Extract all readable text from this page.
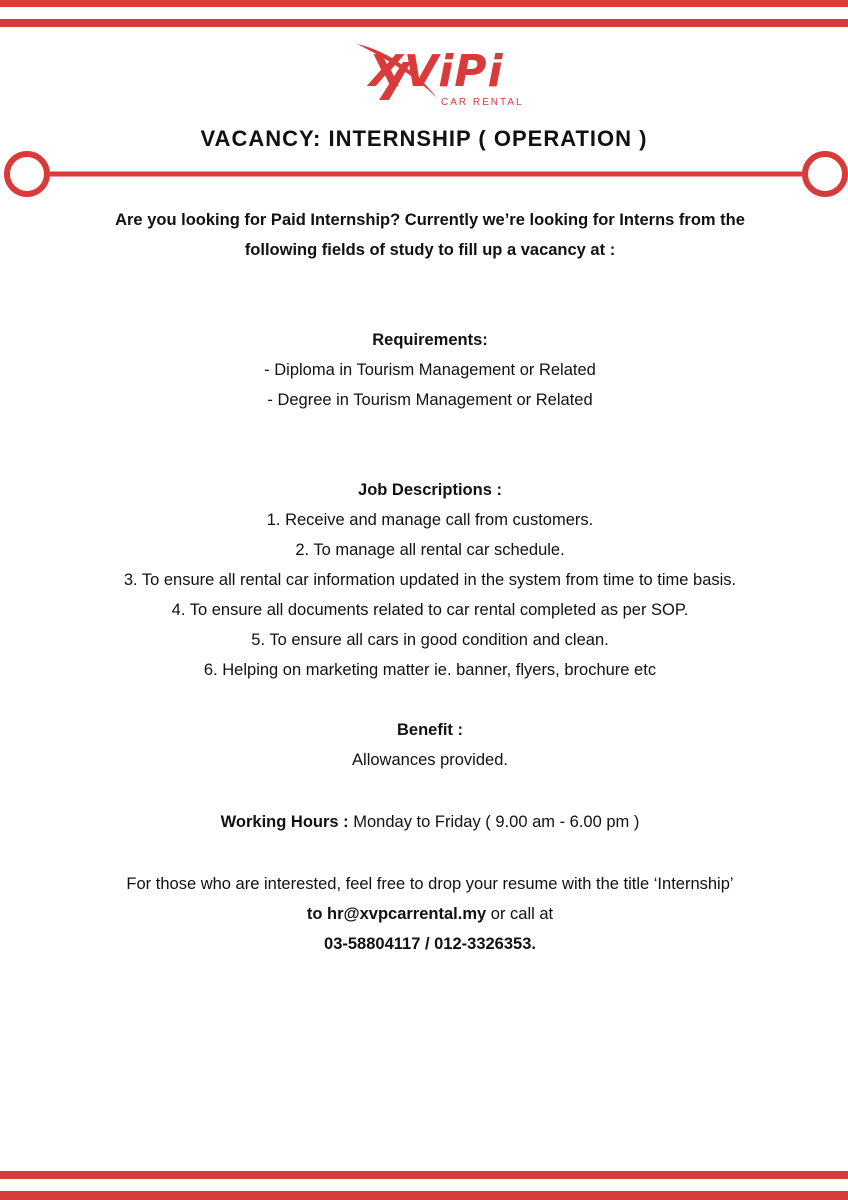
XViPi
CAR RENTAL
VACANCY: INTERNSHIP ( OPERATION )

Are you looking for Paid Internship? Currently we’re looking for Interns from the

following fields of study to fill up a vacancy at :

Requirements:

- Diploma in Tourism Management or Related

- Degree in Tourism Management or Related

Job Descriptions :

1. Receive and manage call from customers.

2. To manage all rental car schedule.

3. To ensure all rental car information updated in the system from time to time basis.

4. To ensure all documents related to car rental completed as per SOP.

5. To ensure all cars in good condition and clean.

6. Helping on marketing matter ie. banner, flyers, brochure etc

Benefit :

Allowances provided.

Working Hours : Monday to Friday ( 9.00 am - 6.00 pm )

For those who are interested, feel free to drop your resume with the title ‘Internship’

to hr@xvpcarrental.my or call at

03-58804117 / 012-3326353.
